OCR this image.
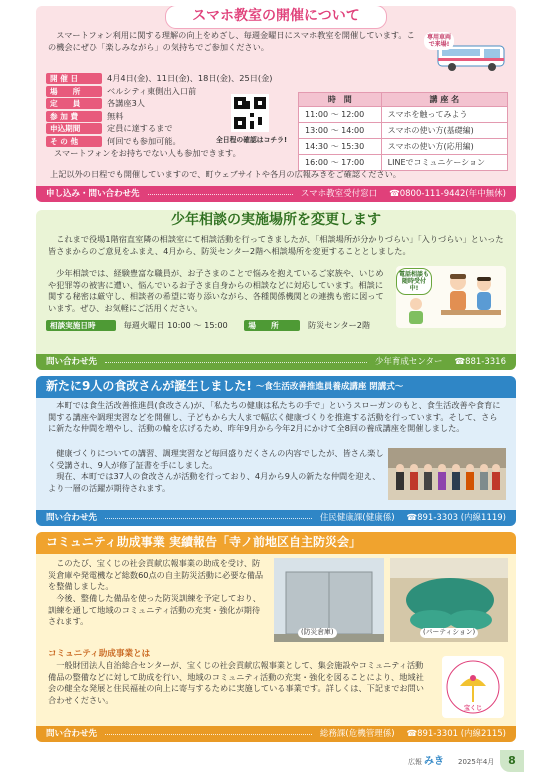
スマホ教室の開催について

スマートフォン利用に関する理解の向上をめざし、毎週金曜日にスマホ教室を開催しています。この機会にぜひ「楽しみながら」の気持ちでご参加ください。

専用車両で来場!
開 催 日	4月4日(金)、11日(金)、18日(金)、25日(金)
場　　所	ベルシティ東側出入口前
定　　員	各講座3人
参 加 費	無料
申込期間	定員に達するまで
そ の 他	何回でも参加可能。
スマートフォンをお持ちでない人も参加できます。
全日程の確認はコチラ!
時　間	講 座 名
11:00 〜 12:00	スマホを触ってみよう
13:00 〜 14:00	スマホの使い方(基礎編)
14:30 〜 15:30	スマホの使い方(応用編)
16:00 〜 17:00	LINEでコミュニケーション
上記以外の日程でも開催していますので、町ウェブサイトや各月の広報みきをご確認ください。
申し込み・問い合わせ先	スマホ教室受付窓口 ☎0800-111-9442(年中無休)
少年相談の実施場所を変更します

これまで役場1階宿直室隣の相談室にて相談活動を行ってきましたが、「相談場所が分かりづらい」「入りづらい」といった皆さまからのご意見をふまえ、4月から、防災センター2階へ相談場所を変更することとしました。

少年相談では、経験豊富な職員が、お子さまのことで悩みを抱えているご家族や、いじめや犯罪等の被害に遭い、悩んでいるお子さま自身からの相談などに対応しています。相談に関する秘密は厳守し、相談者の希望に寄り添いながら、各種関係機関との連携も密に図っています。ぜひ、お気軽にご活用ください。

電話相談も随時受付中!
相談実施日時	毎週火曜日 10:00 〜 15:00	場　　所	防災センター2階
問い合わせ先	少年育成センター ☎881-3316
新たに9人の食改さんが誕生しました! 〜食生活改善推進員養成講座 閉講式〜

本町では食生活改善推進員(食改さん)が、「私たちの健康は私たちの手で」というスローガンのもと、食生活改善や食育に関する講座や調理実習などを開催し、子どもから大人まで幅広く健康づくりを推進する活動を行っています。そして、さらに新たな仲間を増やし、活動の輪を広げるため、昨年9月から今年2月にかけて全8回の養成講座を開催しました。

健康づくりについての講習、調理実習など毎回盛りだくさんの内容でしたが、皆さん楽しく受講され、9人が修了証書を手にしました。

現在、本町では37人の食改さんが活動を行っており、4月から9人の新たな仲間を迎え、より一層の活躍が期待されます。

問い合わせ先	住民健康課(健康係) ☎891-3303 (内線1119)
コミュニティ助成事業 実績報告「寺ノ前地区自主防災会」

このたび、宝くじの社会貢献広報事業の助成を受け、防災倉庫や発電機など総数60点の自主防災活動に必要な備品を整備しました。

今後、整備した備品を使った防災訓練を予定しており、訓練を通して地域のコミュニティ活動の充実・強化が期待されます。

(防災倉庫)	(パーティション)
コミュニティ助成事業とは

一般財団法人自治総合センターが、宝くじの社会貢献広報事業として、集会施設やコミュニティ活動備品の整備などに対して助成を行い、地域のコミュニティ活動の充実・強化を図ることにより、地域社会の健全な発展と住民福祉の向上に寄与するために実施している事業です。詳しくは、下記までお問い合わせください。

宝くじ
問い合わせ先	総務課(危機管理係) ☎891-3301 (内線2115)
広報 みき 2025年4月	8
